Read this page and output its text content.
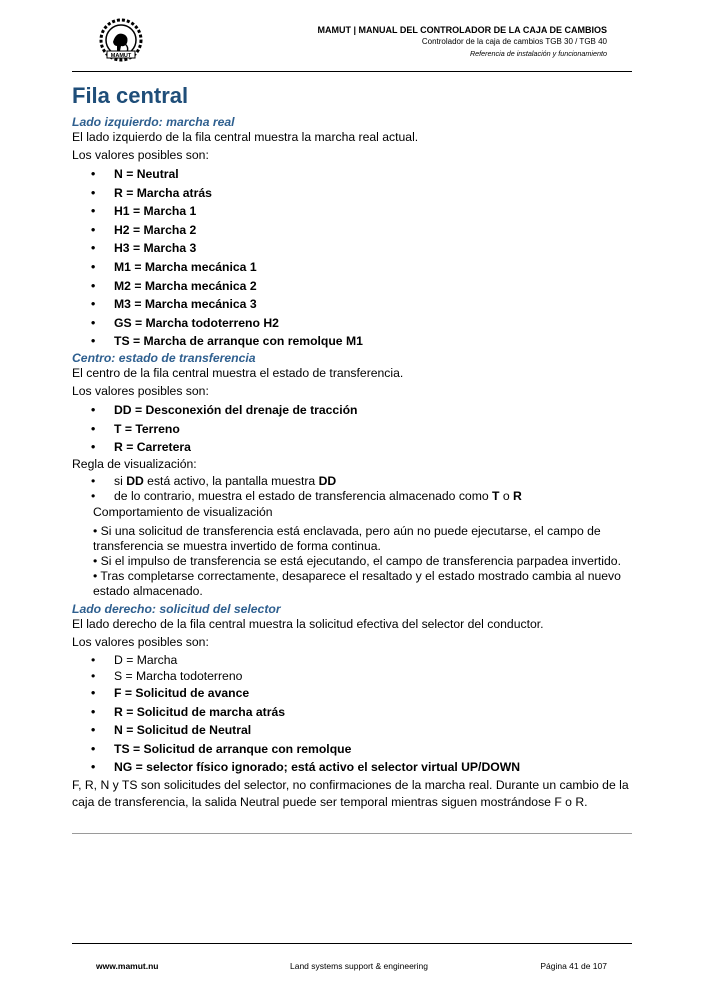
MAMUT
MAMUT | MANUAL DEL CONTROLADOR DE LA CAJA DE CAMBIOS
Controlador de la caja de cambios TGB 30 / TGB 40
Referencia de instalación y funcionamiento
Fila central

Lado izquierdo: marcha real

El lado izquierdo de la fila central muestra la marcha real actual.

Los valores posibles son:

• N = Neutral
• R = Marcha atrás
• H1 = Marcha 1
• H2 = Marcha 2
• H3 = Marcha 3
• M1 = Marcha mecánica 1
• M2 = Marcha mecánica 2
• M3 = Marcha mecánica 3
• GS = Marcha todoterreno H2
• TS = Marcha de arranque con remolque M1

Centro: estado de transferencia

El centro de la fila central muestra el estado de transferencia.

Los valores posibles son:

• DD = Desconexión del drenaje de tracción
• T = Terreno
• R = Carretera

Regla de visualización:

• si DD está activo, la pantalla muestra DD
• de lo contrario, muestra el estado de transferencia almacenado como T o R

Comportamiento de visualización

• Si una solicitud de transferencia está enclavada, pero aún no puede ejecutarse, el campo de transferencia se muestra invertido de forma continua.

• Si el impulso de transferencia se está ejecutando, el campo de transferencia parpadea invertido.

• Tras completarse correctamente, desaparece el resaltado y el estado mostrado cambia al nuevo estado almacenado.

Lado derecho: solicitud del selector

El lado derecho de la fila central muestra la solicitud efectiva del selector del conductor.

Los valores posibles son:

• D = Marcha
• S = Marcha todoterreno
• F = Solicitud de avance
• R = Solicitud de marcha atrás
• N = Solicitud de Neutral
• TS = Solicitud de arranque con remolque
• NG = selector físico ignorado; está activo el selector virtual UP/DOWN

F, R, N y TS son solicitudes del selector, no confirmaciones de la marcha real. Durante un cambio de la caja de transferencia, la salida Neutral puede ser temporal mientras siguen mostrándose F o R.

www.mamut.nu	Land systems support & engineering	Página 41 de 107
